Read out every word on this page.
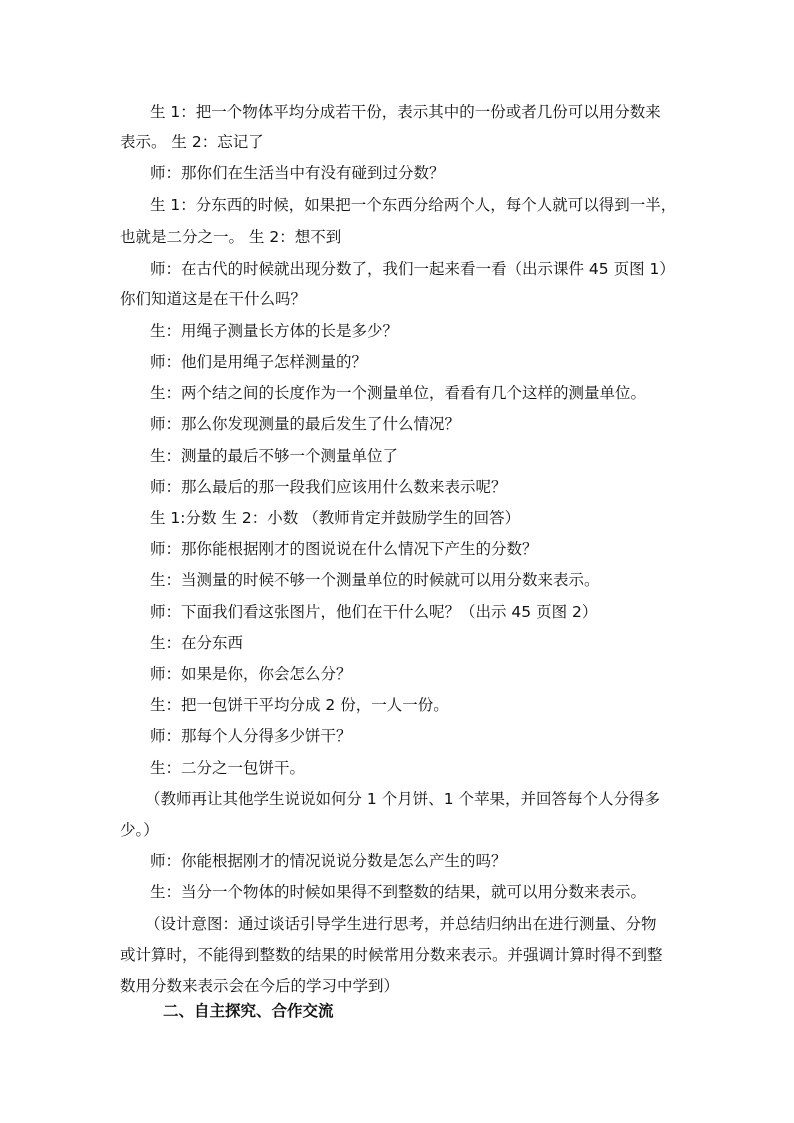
生 1：把一个物体平均分成若干份，表示其中的一份或者几份可以用分数来
表示。 生 2：忘记了
师：那你们在生活当中有没有碰到过分数？
生 1：分东西的时候，如果把一个东西分给两个人，每个人就可以得到一半，
也就是二分之一。 生 2：想不到
师：在古代的时候就出现分数了，我们一起来看一看（出示课件 45 页图 1）
你们知道这是在干什么吗？
生：用绳子测量长方体的长是多少？
师：他们是用绳子怎样测量的？
生：两个结之间的长度作为一个测量单位，看看有几个这样的测量单位。
师：那么你发现测量的最后发生了什么情况？
生：测量的最后不够一个测量单位了
师：那么最后的那一段我们应该用什么数来表示呢？
生 1:分数 生 2：小数 （教师肯定并鼓励学生的回答）
师：那你能根据刚才的图说说在什么情况下产生的分数？
生：当测量的时候不够一个测量单位的时候就可以用分数来表示。
师：下面我们看这张图片，他们在干什么呢？（出示 45 页图 2）
生：在分东西
师：如果是你，你会怎么分？
生：把一包饼干平均分成 2 份，一人一份。
师：那每个人分得多少饼干？
生：二分之一包饼干。
（教师再让其他学生说说如何分 1 个月饼、1 个苹果，并回答每个人分得多
少。）
师：你能根据刚才的情况说说分数是怎么产生的吗？
生：当分一个物体的时候如果得不到整数的结果，就可以用分数来表示。
（设计意图：通过谈话引导学生进行思考，并总结归纳出在进行测量、分物
或计算时，不能得到整数的结果的时候常用分数来表示。并强调计算时得不到整
数用分数来表示会在今后的学习中学到）
二、自主探究、合作交流
